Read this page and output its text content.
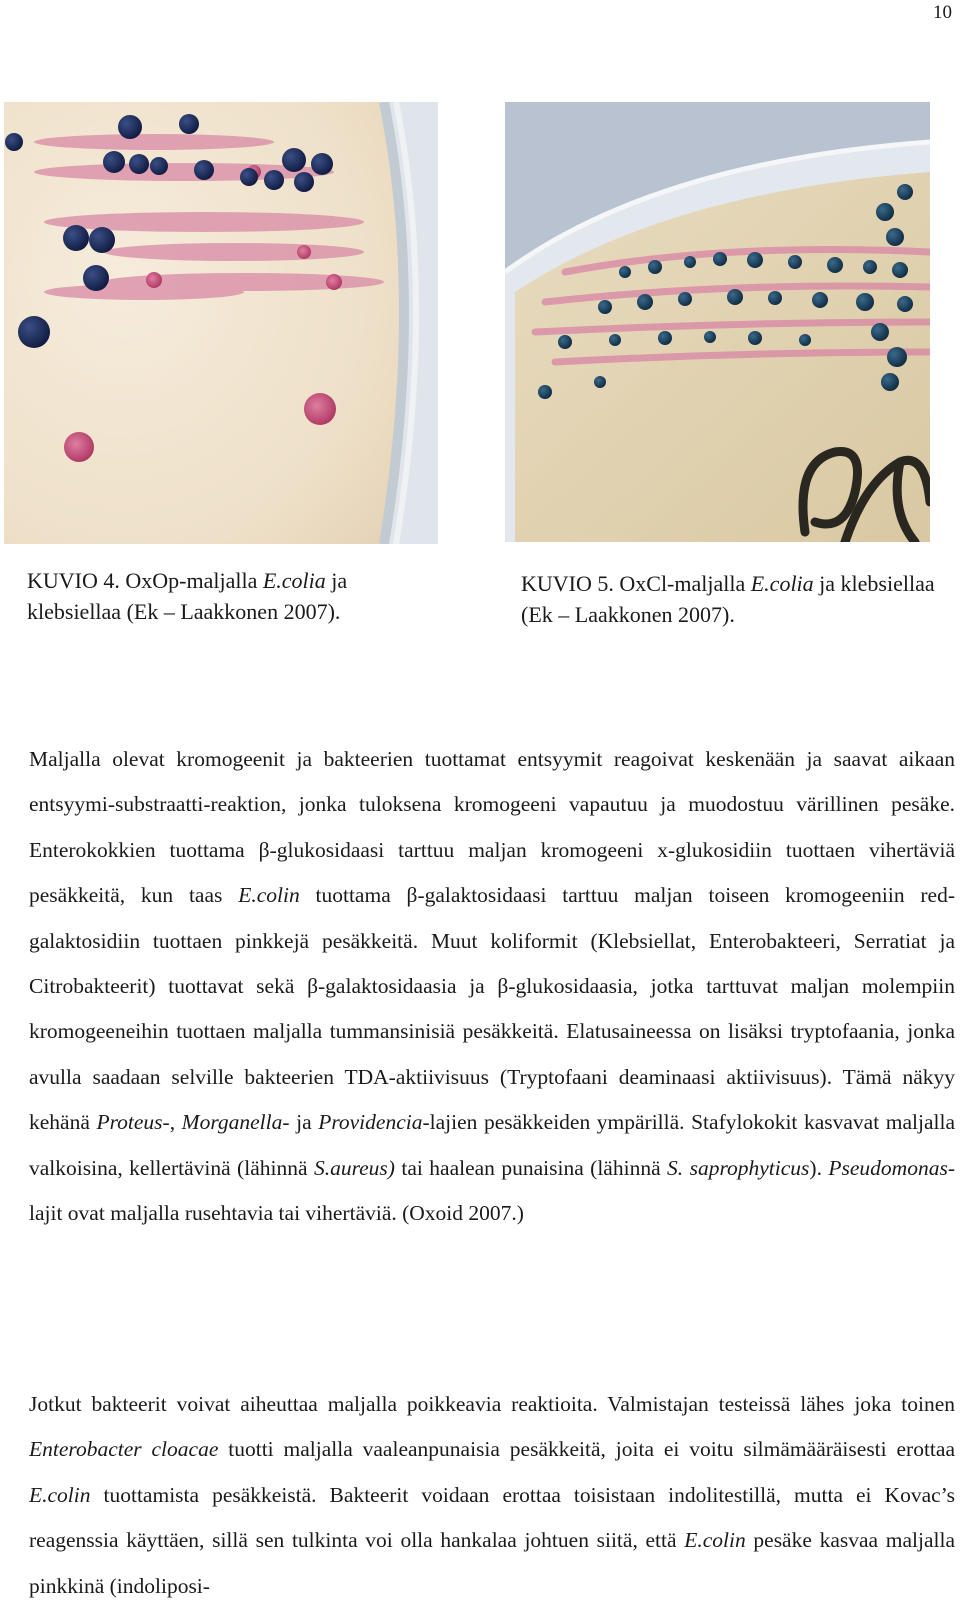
10
KUVIO 4. OxOp-maljalla E.colia ja klebsiellaa (Ek – Laakkonen 2007).
KUVIO 5. OxCl-maljalla E.colia ja klebsiellaa (Ek – Laakkonen 2007).

Maljalla olevat kromogeenit ja bakteerien tuottamat entsyymit reagoivat keskenään ja saavat aikaan entsyymi-substraatti-reaktion, jonka tuloksena kromogeeni vapautuu ja muodostuu värillinen pesäke. Enterokokkien tuottama β-glukosidaasi tarttuu maljan kromogeeni x-glukosidiin tuottaen vihertäviä pesäkkeitä, kun taas E.colin tuottama β-galaktosidaasi tarttuu maljan toiseen kromogeeniin red-galaktosidiin tuottaen pinkkejä pesäkkeitä. Muut koliformit (Klebsiellat, Enterobakteeri, Serratiat ja Citrobakteerit) tuottavat sekä β-galaktosidaasia ja β-glukosidaasia, jotka tarttuvat maljan molempiin kromogeeneihin tuottaen maljalla tummansinisiä pesäkkeitä. Elatusaineessa on lisäksi tryptofaania, jonka avulla saadaan selville bakteerien TDA-aktiivisuus (Tryptofaani deaminaasi aktiivisuus). Tämä näkyy kehänä Proteus-, Morganella- ja Providencia-lajien pesäkkeiden ympärillä. Stafylokokit kasvavat maljalla valkoisina, kellertävinä (lähinnä S.aureus) tai haalean punaisina (lähinnä S. saprophyticus). Pseudomonas-lajit ovat maljalla rusehtavia tai vihertäviä. (Oxoid 2007.)

Jotkut bakteerit voivat aiheuttaa maljalla poikkeavia reaktioita. Valmistajan testeissä lähes joka toinen Enterobacter cloacae tuotti maljalla vaaleanpunaisia pesäkkeitä, joita ei voitu silmämääräisesti erottaa E.colin tuottamista pesäkkeistä. Bakteerit voidaan erottaa toisistaan indolitestillä, mutta ei Kovac’s reagenssia käyttäen, sillä sen tulkinta voi olla hankalaa johtuen siitä, että E.colin pesäke kasvaa maljalla pinkkinä (indoliposi-
